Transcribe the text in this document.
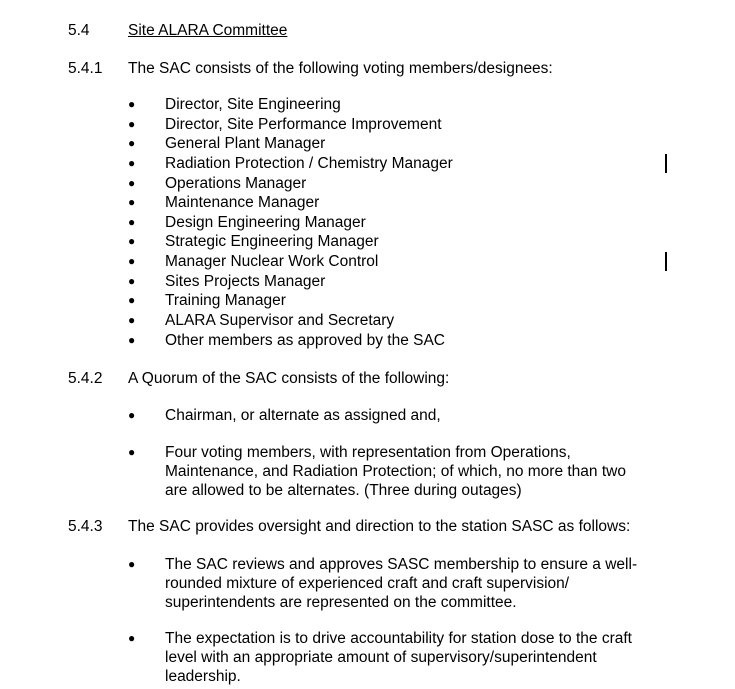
5.4 Site ALARA Committee
5.4.1 The SAC consists of the following voting members/designees:
● Director, Site Engineering
● Director, Site Performance Improvement
● General Plant Manager
● Radiation Protection / Chemistry Manager
● Operations Manager
● Maintenance Manager
● Design Engineering Manager
● Strategic Engineering Manager
● Manager Nuclear Work Control
● Sites Projects Manager
● Training Manager
● ALARA Supervisor and Secretary
● Other members as approved by the SAC
5.4.2 A Quorum of the SAC consists of the following:
● Chairman, or alternate as assigned and,
● Four voting members, with representation from Operations,
Maintenance, and Radiation Protection; of which, no more than two
are allowed to be alternates. (Three during outages)
5.4.3 The SAC provides oversight and direction to the station SASC as follows:
● The SAC reviews and approves SASC membership to ensure a well-
rounded mixture of experienced craft and craft supervision/
superintendents are represented on the committee.
● The expectation is to drive accountability for station dose to the craft
level with an appropriate amount of supervisory/superintendent
leadership.
